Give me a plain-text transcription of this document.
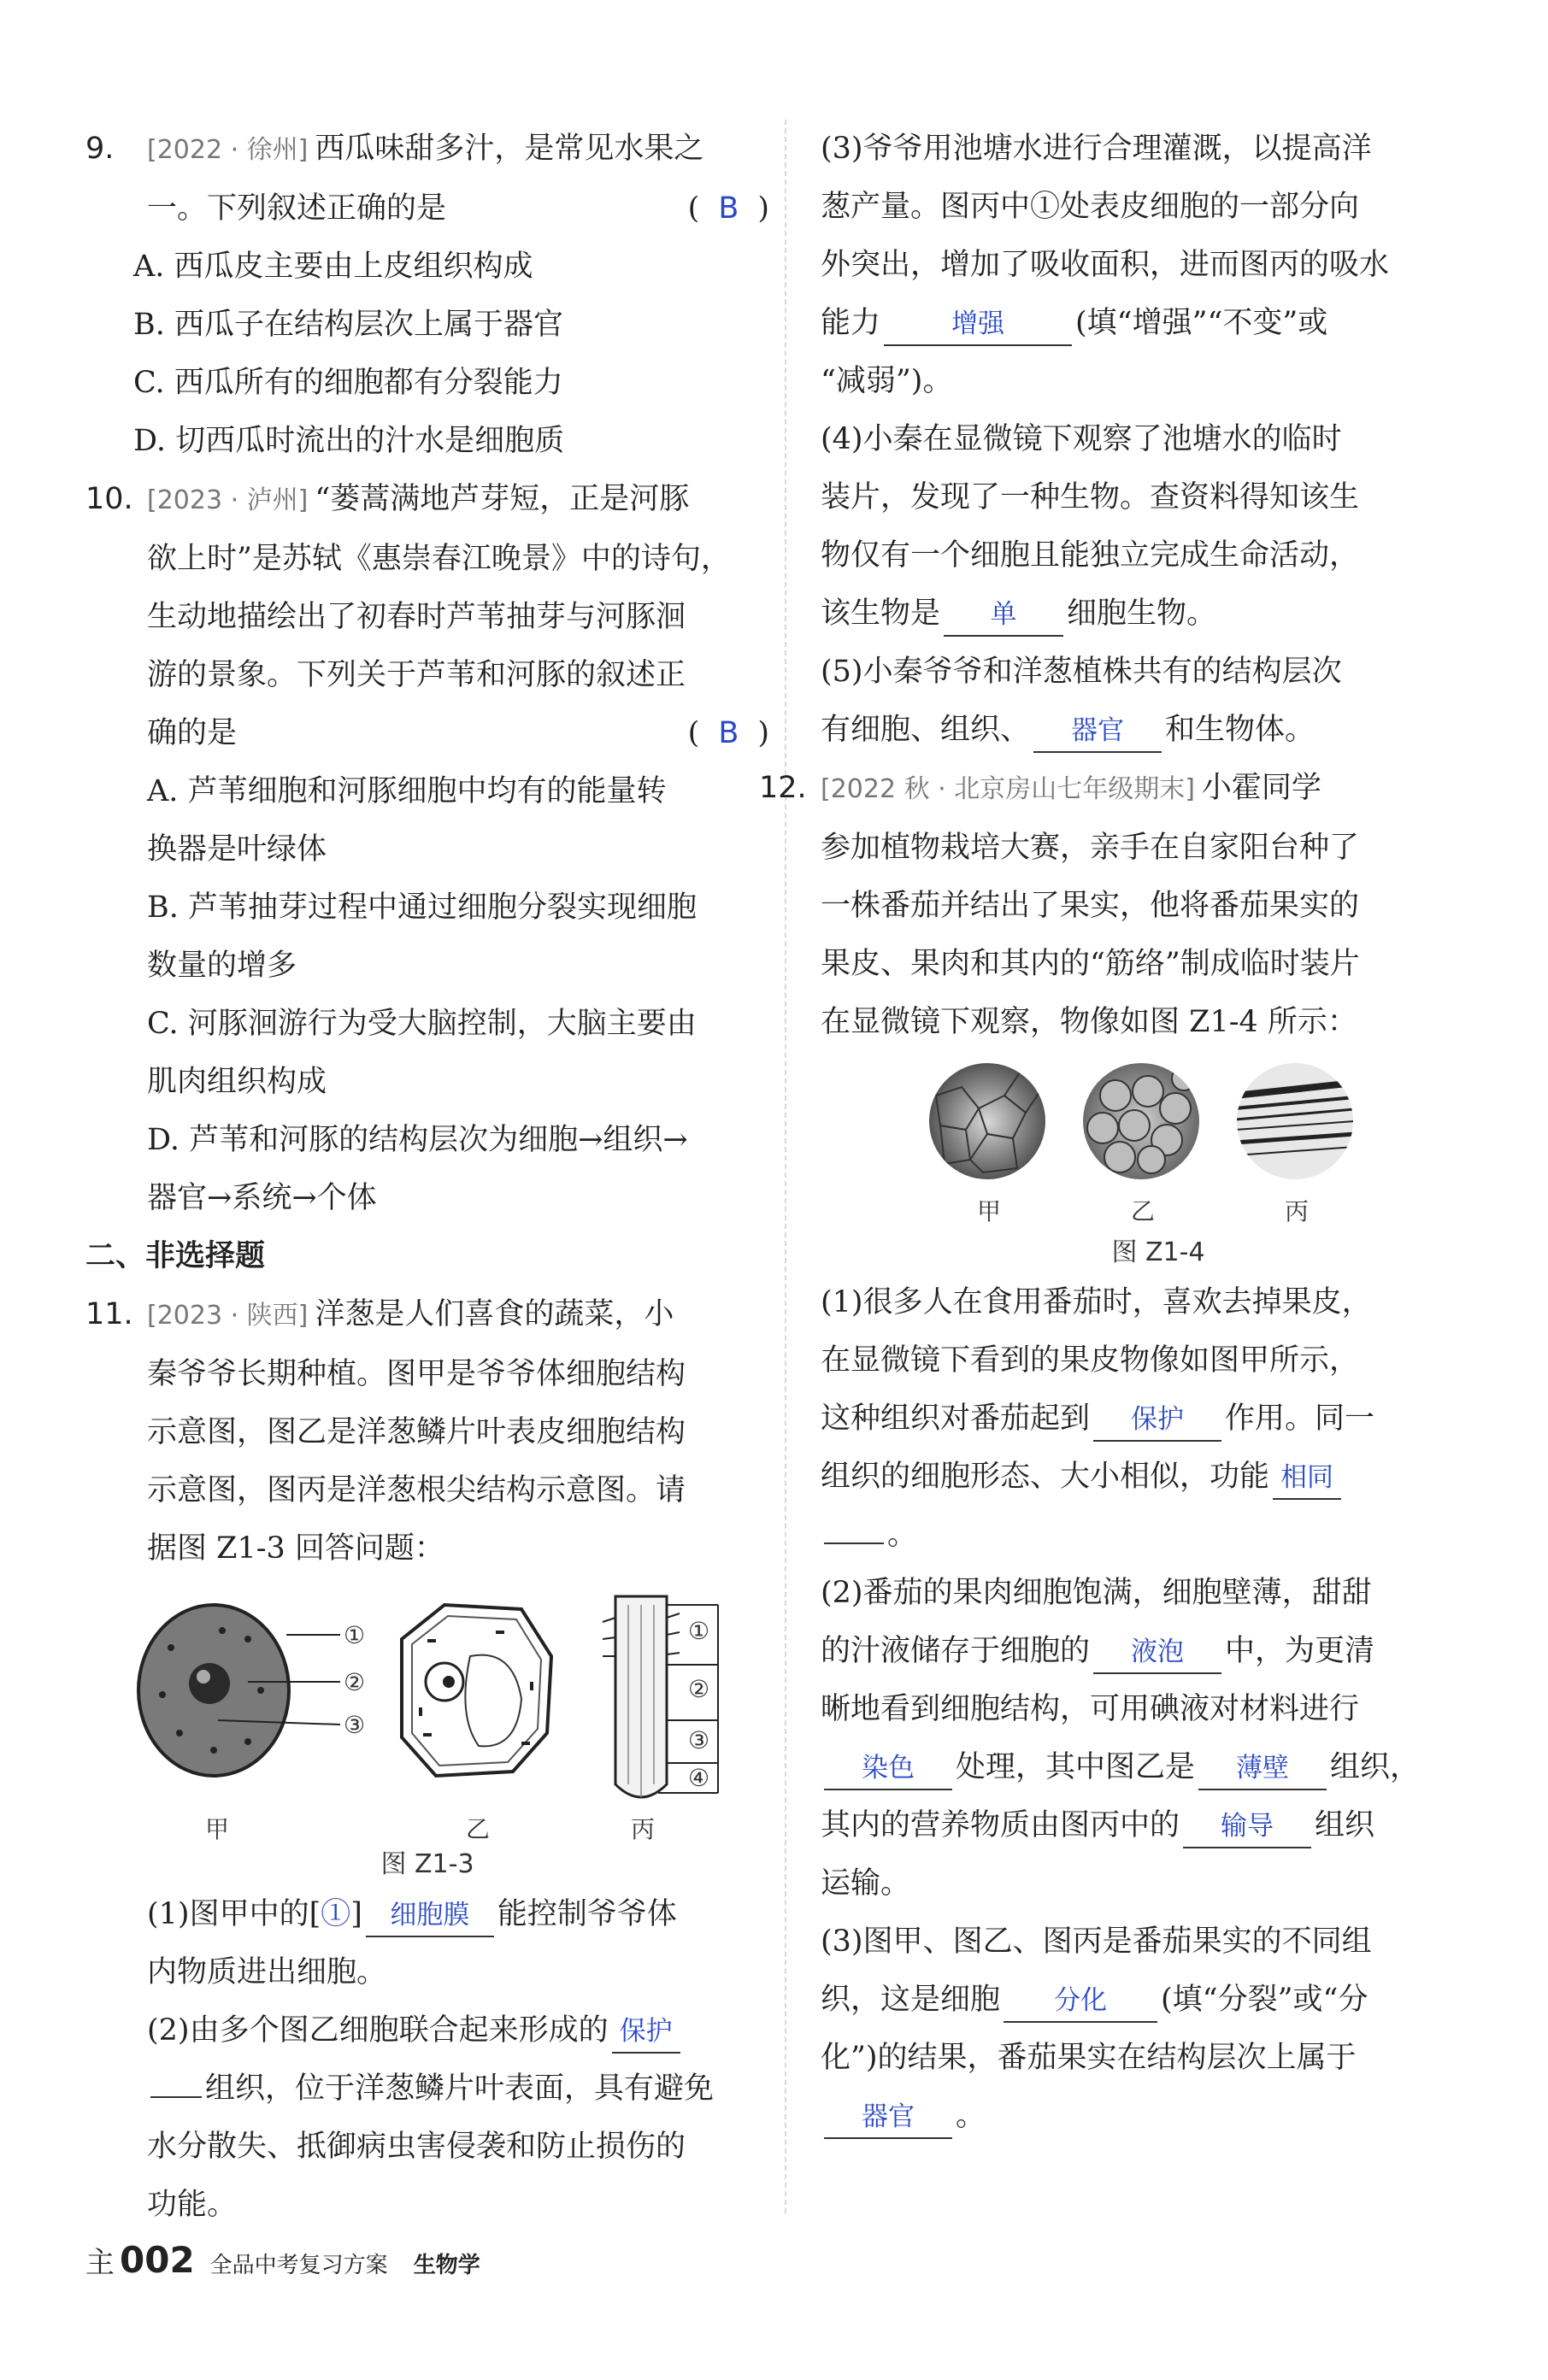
9. [2022 · 徐州] 西瓜味甜多汁，是常见水果之
一。下列叙述正确的是	( B )
A. 西瓜皮主要由上皮组织构成
B. 西瓜子在结构层次上属于器官
C. 西瓜所有的细胞都有分裂能力
D. 切西瓜时流出的汁水是细胞质
10. [2023 · 泸州] “蒌蒿满地芦芽短，正是河豚
欲上时”是苏轼《惠崇春江晚景》中的诗句，
生动地描绘出了初春时芦苇抽芽与河豚洄
游的景象。下列关于芦苇和河豚的叙述正
确的是	( B )
A. 芦苇细胞和河豚细胞中均有的能量转
换器是叶绿体
B. 芦苇抽芽过程中通过细胞分裂实现细胞
数量的增多
C. 河豚洄游行为受大脑控制，大脑主要由
肌肉组织构成
D. 芦苇和河豚的结构层次为细胞→组织→
器官→系统→个体
二、非选择题
11. [2023 · 陕西] 洋葱是人们喜食的蔬菜，小
秦爷爷长期种植。图甲是爷爷体细胞结构
示意图，图乙是洋葱鳞片叶表皮细胞结构
示意图，图丙是洋葱根尖结构示意图。请
据图 Z1-3 回答问题：
①
②
③
①
②
③
④
甲	乙	丙
图 Z1-3
(1)图甲中的[①] 细胞膜 能控制爷爷体
内物质进出细胞。
(2)由多个图乙细胞联合起来形成的 保护
组织，位于洋葱鳞片叶表面，具有避免
水分散失、抵御病虫害侵袭和防止损伤的
功能。
(3)爷爷用池塘水进行合理灌溉，以提高洋
葱产量。图丙中①处表皮细胞的一部分向
外突出，增加了吸收面积，进而图丙的吸水
能力	增强 (填“增强”“不变”或
“减弱”)。
(4)小秦在显微镜下观察了池塘水的临时
装片，发现了一种生物。查资料得知该生
物仅有一个细胞且能独立完成生命活动，
该生物是 单 细胞生物。
(5)小秦爷爷和洋葱植株共有的结构层次
有细胞、组织、 器官 和生物体。
12. [2022 秋 · 北京房山七年级期末] 小霍同学
参加植物栽培大赛，亲手在自家阳台种了
一株番茄并结出了果实，他将番茄果实的
果皮、果肉和其内的“筋络”制成临时装片
在显微镜下观察，物像如图 Z1-4 所示：
甲	乙	丙
图 Z1-4
(1)很多人在食用番茄时，喜欢去掉果皮，
在显微镜下看到的果皮物像如图甲所示，
这种组织对番茄起到 保护 作用。同一
组织的细胞形态、大小相似，功能 相同
。
(2)番茄的果肉细胞饱满，细胞壁薄，甜甜
的汁液储存于细胞的 液泡 中，为更清
晰地看到细胞结构，可用碘液对材料进行
染色 处理，其中图乙是 薄壁 组织，
其内的营养物质由图丙中的 输导 组织
运输。
(3)图甲、图乙、图丙是番茄果实的不同组
织，这是细胞 分化 (填“分裂”或“分
化”)的结果，番茄果实在结构层次上属于
器官 。
主 002 全品中考复习方案 生物学
